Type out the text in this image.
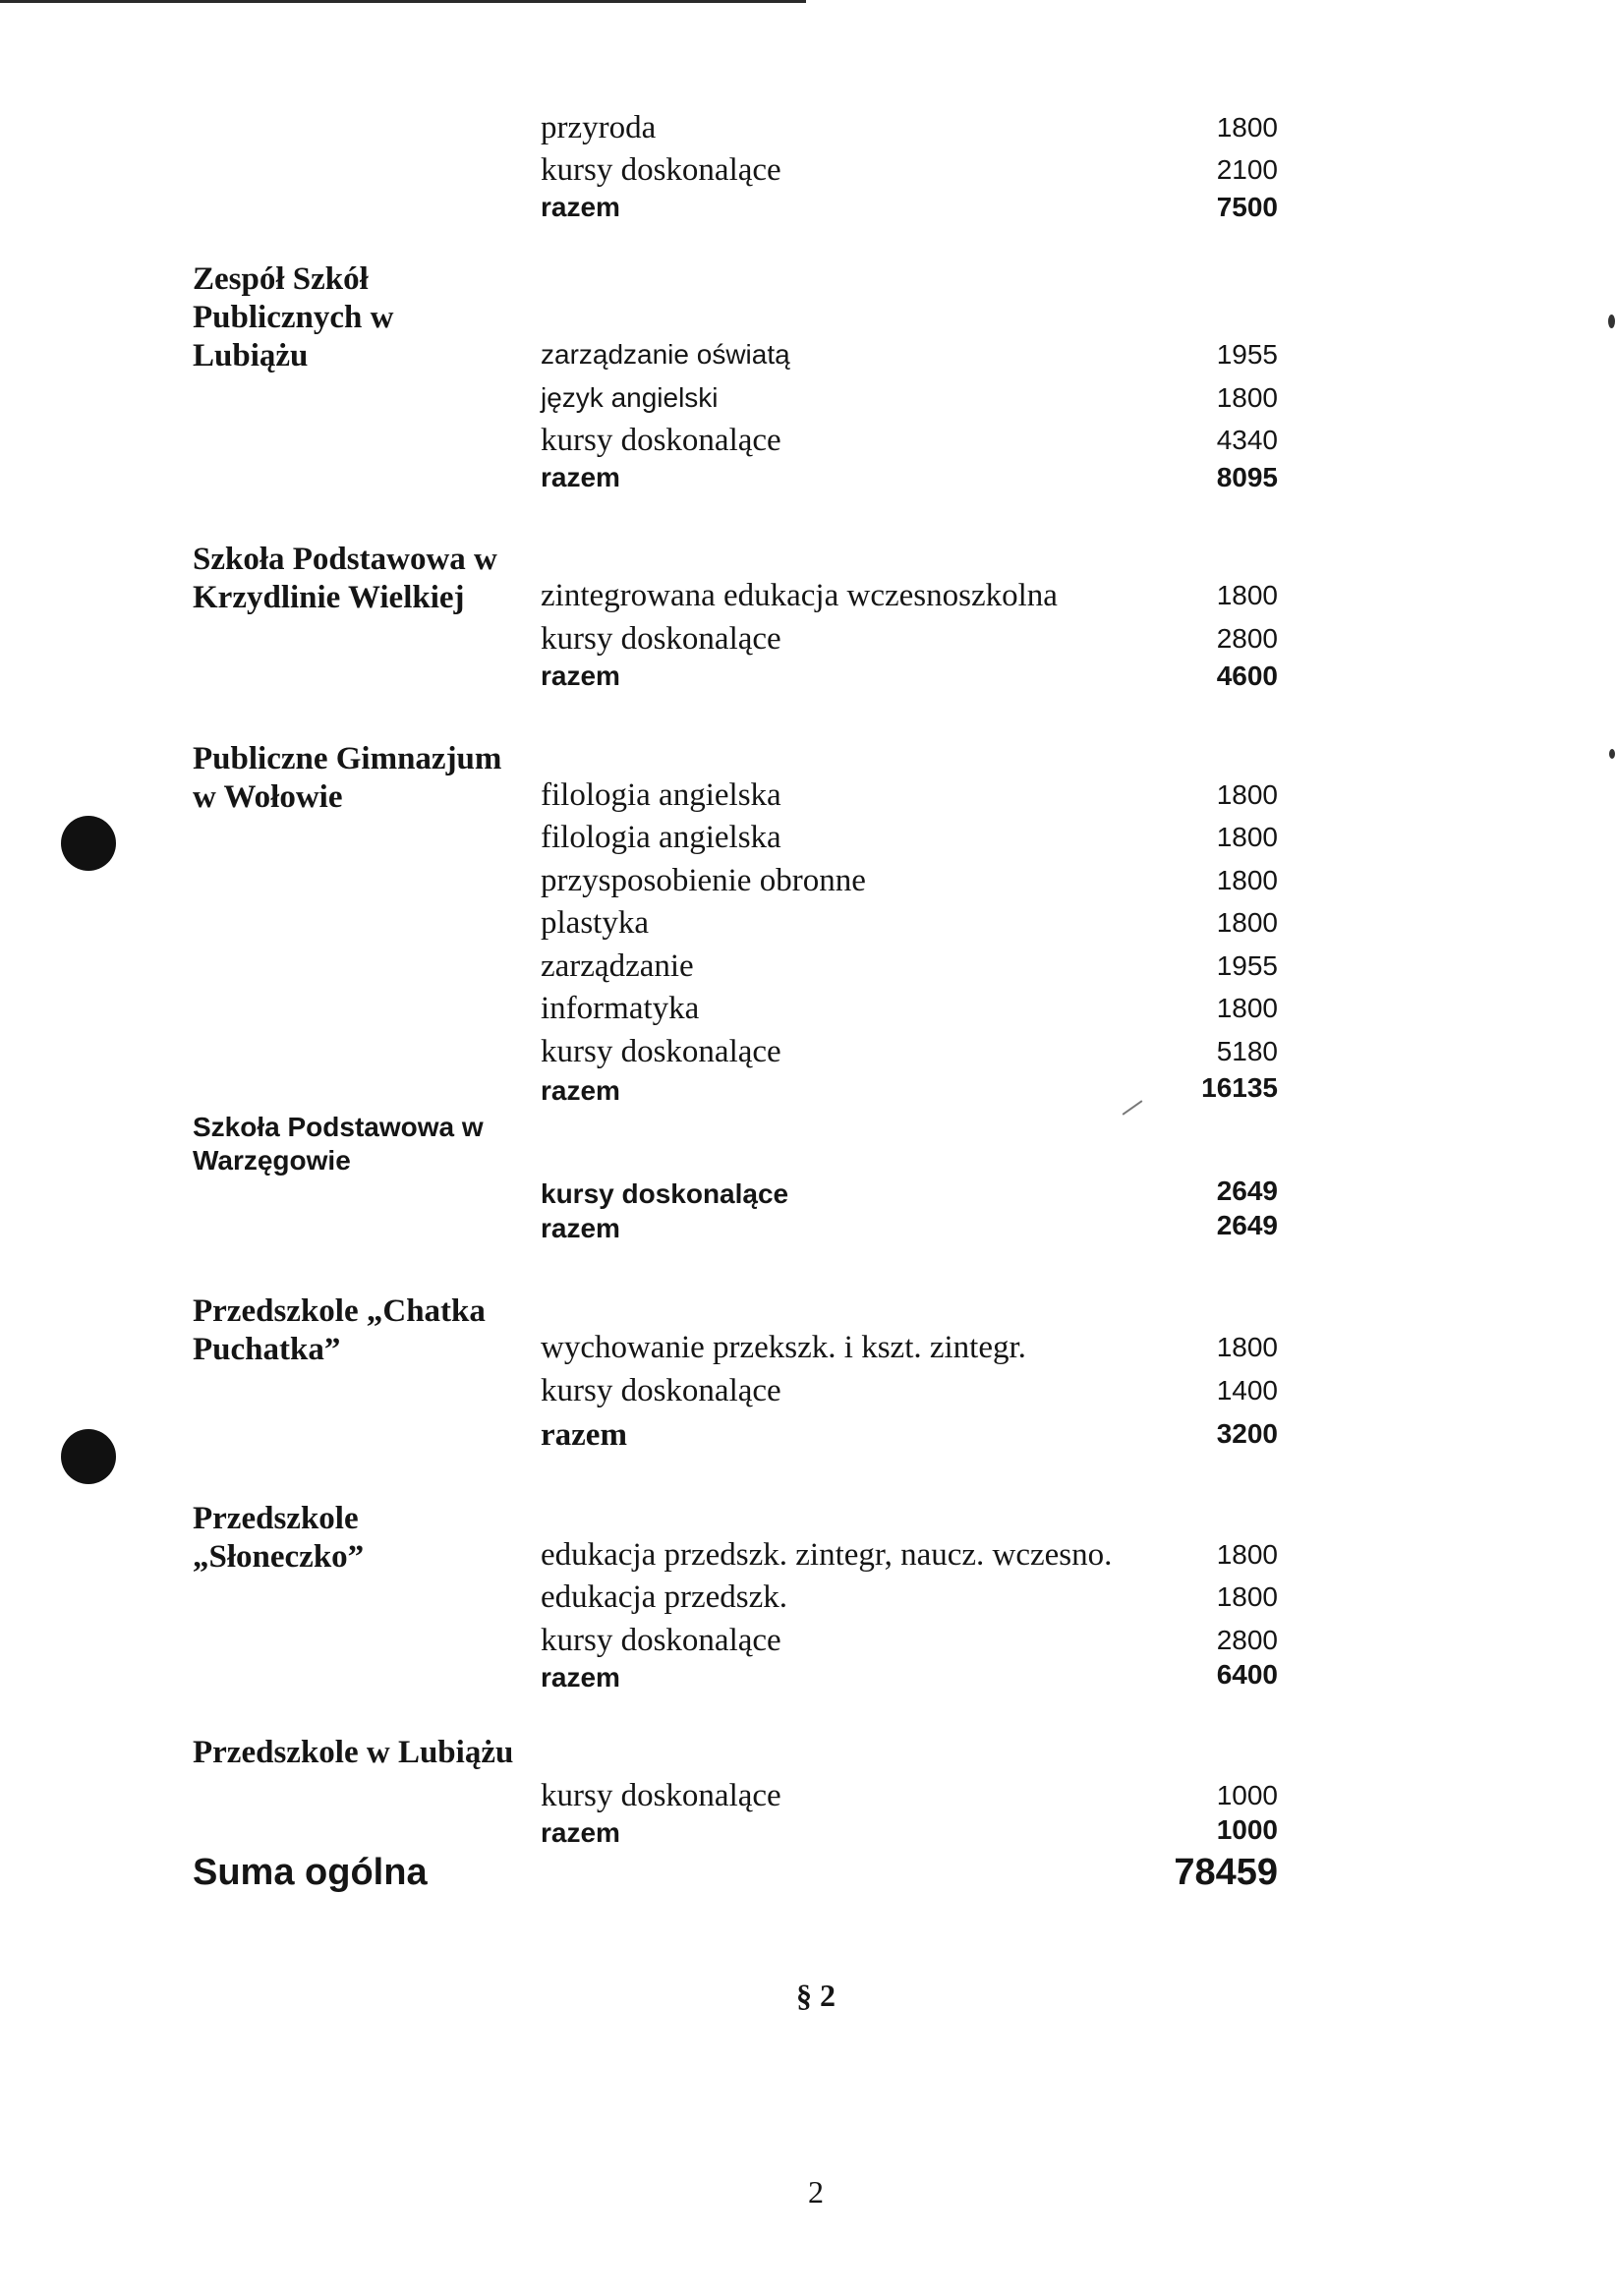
przyroda	1800
kursy doskonalące	2100
razem	7500
Zespół Szkół
Publicznych w
Lubiążu	zarządzanie oświatą	1955
język angielski	1800
kursy doskonalące	4340
razem	8095
Szkoła Podstawowa w
Krzydlinie Wielkiej	zintegrowana edukacja wczesnoszkolna	1800
kursy doskonalące	2800
razem	4600
Publiczne Gimnazjum
w Wołowie	filologia angielska	1800
filologia angielska	1800
przysposobienie obronne	1800
plastyka	1800
zarządzanie	1955
informatyka	1800
kursy doskonalące	5180
razem	16135
Szkoła Podstawowa w
Warzęgowie
kursy doskonalące	2649
razem	2649
Przedszkole „Chatka
Puchatka”	wychowanie przekszk. i kszt. zintegr.	1800
kursy doskonalące	1400
razem	3200
Przedszkole
„Słoneczko”	edukacja przedszk. zintegr, naucz. wczesno.	1800
edukacja przedszk.	1800
kursy doskonalące	2800
razem	6400
Przedszkole w Lubiążu
kursy doskonalące	1000
razem	1000
Suma ogólna	78459
§ 2
2
